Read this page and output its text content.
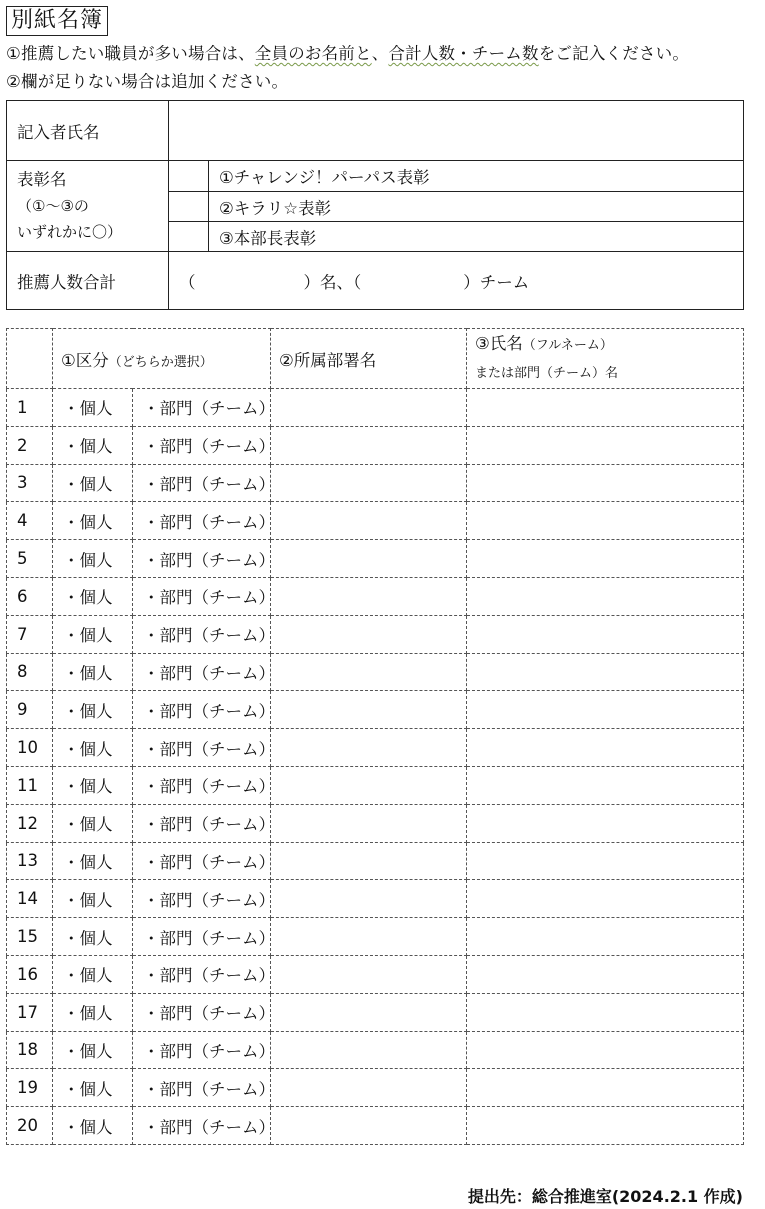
別紙名簿
①推薦したい職員が多い場合は、全員のお名前と、合計人数・チーム数をご記入ください。
②欄が足りない場合は追加ください。
記入者氏名		

表彰名
（①～③の
いずれかに〇）		①チャレンジ！パーパス表彰
		②キラリ☆表彰
		③本部長表彰
推薦人数合計	（ ）名、（ ）チーム	
	①区分（どちらか選択）		②所属部署名	③氏名（フルネーム）
または部門（チーム）名

1	・個人	・部門（チーム）		
2	・個人	・部門（チーム）		
3	・個人	・部門（チーム）		
4	・個人	・部門（チーム）		
5	・個人	・部門（チーム）		
6	・個人	・部門（チーム）		
7	・個人	・部門（チーム）		
8	・個人	・部門（チーム）		
9	・個人	・部門（チーム）		
10	・個人	・部門（チーム）		
11	・個人	・部門（チーム）		
12	・個人	・部門（チーム）		
13	・個人	・部門（チーム）		
14	・個人	・部門（チーム）		
15	・個人	・部門（チーム）		
16	・個人	・部門（チーム）		
17	・個人	・部門（チーム）		
18	・個人	・部門（チーム）		
19	・個人	・部門（チーム）		
20	・個人	・部門（チーム）		
提出先：総合推進室(2024.2.1 作成)
